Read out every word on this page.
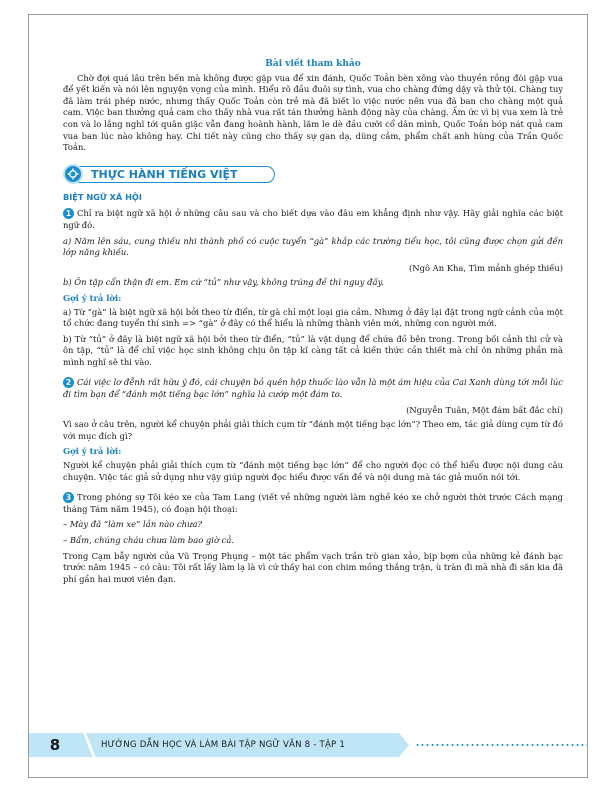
Bài viết tham khảo

Chờ đợi quá lâu trên bến mà không được gặp vua để xin đánh, Quốc Toản bèn xông vào thuyền rồng đòi gặp vua để yết kiến và nói lên nguyện vọng của mình. Hiểu rõ đầu đuôi sự tình, vua cho chàng đứng dậy và thử tội. Chàng tuy đã làm trái phép nước, nhưng thấy Quốc Toản còn trẻ mà đã biết lo việc nước nên vua đã ban cho chàng một quả cam. Việc ban thưởng quả cam cho thấy nhà vua rất tán thưởng hành động này của chàng. Ấm ức vì bị vua xem là trẻ con và lo lắng nghĩ tới quân giặc vẫn đang hoành hành, lăm le dè đầu cưỡi cổ dân mình, Quốc Toản bóp nát quả cam vua ban lúc nào không hay. Chi tiết này cũng cho thấy sự gan dạ, dũng cảm, phẩm chất anh hùng của Trần Quốc Toản.

THỰC HÀNH TIẾNG VIỆT
BIỆT NGỮ XÃ HỘI

1 Chỉ ra biệt ngữ xã hội ở những câu sau và cho biết dựa vào đâu em khẳng định như vậy. Hãy giải nghĩa các biệt ngữ đó.

a) Năm lên sáu, cung thiếu nhi thành phố có cuộc tuyển “gà” khắp các trường tiểu học, tôi cũng được chọn gửi đến lớp năng khiếu.

(Ngô An Kha, Tìm mảnh ghép thiếu)

b) Ôn tập cẩn thận đi em. Em cứ “tủ” như vậy, không trúng đề thì nguy đấy.

Gợi ý trả lời:

a) Từ “gà” là biệt ngữ xã hội bởi theo từ điển, từ gà chỉ một loại gia cầm. Nhưng ở đây lại đặt trong ngữ cảnh của một tổ chức đang tuyển thí sinh => “gà” ở đây có thể hiểu là những thành viên mới, những con người mới.

b) Từ “tủ” ở đây là biệt ngữ xã hội bởi theo từ điển, “tủ” là vật dụng để chứa đồ bên trong. Trong bối cảnh thi cử và ôn tập, “tủ” là để chỉ việc học sinh không chịu ôn tập kĩ càng tất cả kiến thức cần thiết mà chỉ ôn những phần mà mình nghĩ sẽ thi vào.

2 Cái việc lơ đễnh rất hữu ý đó, cái chuyện bỏ quên hộp thuốc lào vẫn là một ám hiệu của Cai Xanh dùng tới mỗi lúc đi tìm bạn để “đánh một tiếng bạc lớn” nghĩa là cướp một đám to.

(Nguyễn Tuân, Một đám bất đắc chí)

Vì sao ở câu trên, người kể chuyện phải giải thích cụm từ “đánh một tiếng bạc lớn”? Theo em, tác giả dùng cụm từ đó với mục đích gì?

Gợi ý trả lời:

Người kể chuyện phải giải thích cụm từ “đánh một tiếng bạc lớn” để cho người đọc có thể hiểu được nội dung câu chuyện. Việc tác giả sử dụng như vậy giúp người đọc hiểu được vấn đề và nội dung mà tác giả muốn nói tới.

3 Trong phóng sự Tôi kéo xe của Tam Lang (viết về những người làm nghề kéo xe chở người thời trước Cách mạng tháng Tám năm 1945), có đoạn hội thoại:

– Mày đã “làm xe” lần nào chưa?

– Bẩm, chúng cháu chưa làm bao giờ cả.

Trong Cạm bẫy người của Vũ Trọng Phụng – một tác phẩm vạch trần trò gian xảo, bịp bợm của những kẻ đánh bạc trước năm 1945 – có câu: Tôi rất lấy làm lạ là vì cứ thấy hai con chim mồng thắng trận, ù tràn đi mà nhà đi săn kia đã phí gần hai mươi viên đạn.

8	HƯỚNG DẪN HỌC VÀ LÀM BÀI TẬP NGỮ VĂN 8 - TẬP 1
